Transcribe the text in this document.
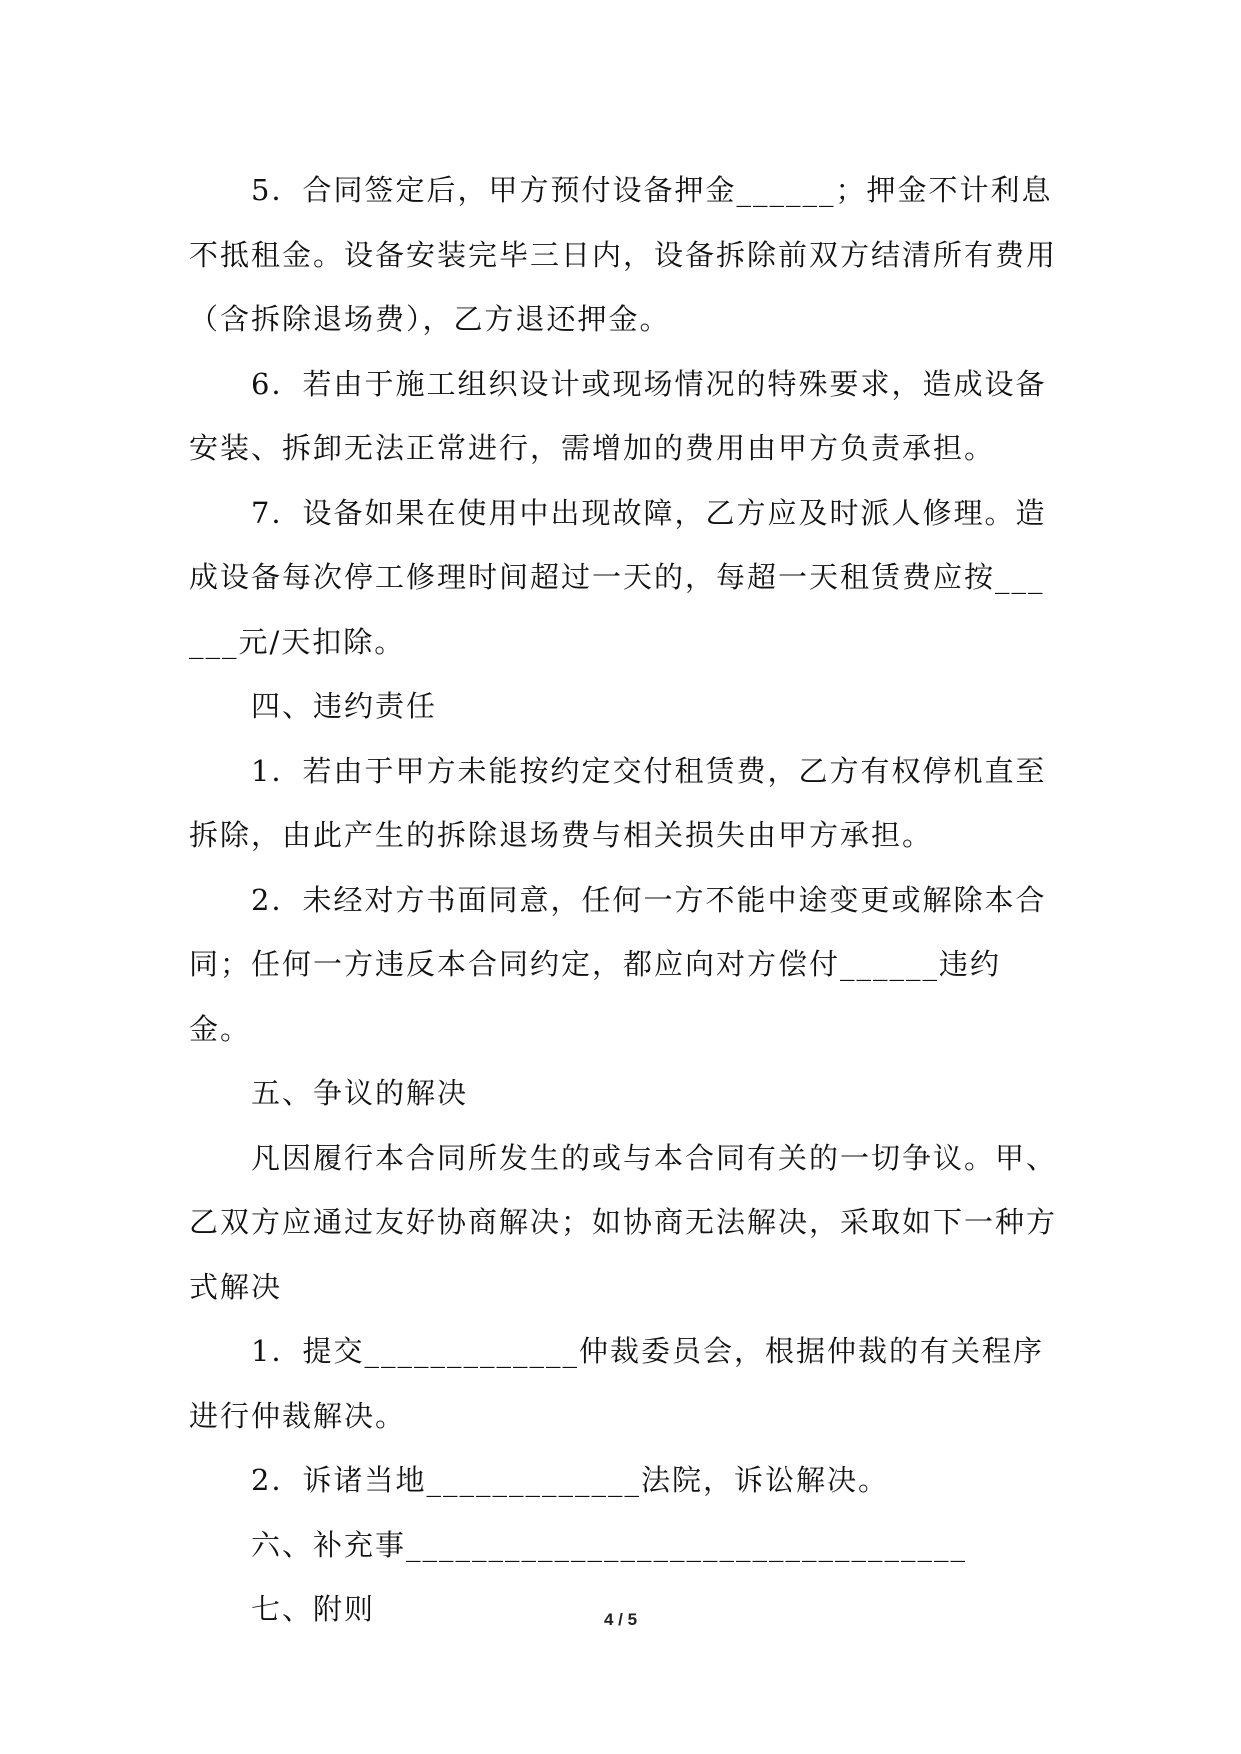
5．合同签定后，甲方预付设备押金______；押金不计利息不抵租金。设备安装完毕三日内，设备拆除前双方结清所有费用（含拆除退场费），乙方退还押金。

6．若由于施工组织设计或现场情况的特殊要求，造成设备安装、拆卸无法正常进行，需增加的费用由甲方负责承担。

7．设备如果在使用中出现故障，乙方应及时派人修理。造成设备每次停工修理时间超过一天的，每超一天租赁费应按______元/天扣除。

四、违约责任

1．若由于甲方未能按约定交付租赁费，乙方有权停机直至拆除，由此产生的拆除退场费与相关损失由甲方承担。

2．未经对方书面同意，任何一方不能中途变更或解除本合同；任何一方违反本合同约定，都应向对方偿付______违约金。

五、争议的解决

凡因履行本合同所发生的或与本合同有关的一切争议。甲、乙双方应通过友好协商解决；如协商无法解决，采取如下一种方式解决

1．提交_____________仲裁委员会，根据仲裁的有关程序进行仲裁解决。

2．诉诸当地_____________法院，诉讼解决。

六、补充事__________________________________

七、附则	4 / 5
